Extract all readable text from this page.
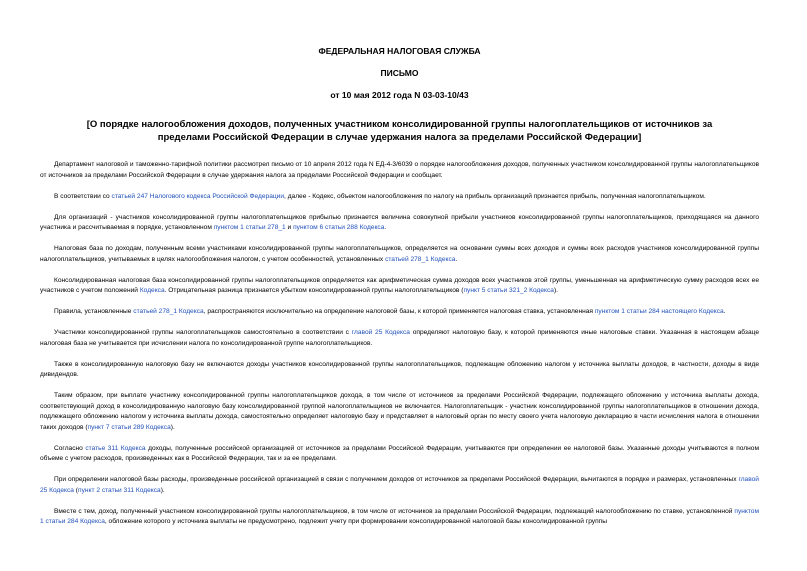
ФЕДЕРАЛЬНАЯ НАЛОГОВАЯ СЛУЖБА
ПИСЬМО
от 10 мая 2012 года N 03-03-10/43
[О порядке налогообложения доходов, полученных участником консолидированной группы налогоплательщиков от источников за пределами Российской Федерации в случае удержания налога за пределами Российской Федерации]

Департамент налоговой и таможенно-тарифной политики рассмотрел письмо от 10 апреля 2012 года N ЕД-4-3/6039 о порядке налогообложения доходов, полученных участником консолидированной группы налогоплательщиков от источников за пределами Российской Федерации в случае удержания налога за пределами Российской Федерации и сообщает.

В соответствии со статьей 247 Налогового кодекса Российской Федерации, далее - Кодекс, объектом налогообложения по налогу на прибыль организаций признается прибыль, полученная налогоплательщиком.

Для организаций - участников консолидированной группы налогоплательщиков прибылью признается величина совокупной прибыли участников консолидированной группы налогоплательщиков, приходящаяся на данного участника и рассчитываемая в порядке, установленном пунктом 1 статьи 278_1 и пунктом 6 статьи 288 Кодекса.

Налоговая база по доходам, полученным всеми участниками консолидированной группы налогоплательщиков, определяется на основании суммы всех доходов и суммы всех расходов участников консолидированной группы налогоплательщиков, учитываемых в целях налогообложения налогом, с учетом особенностей, установленных статьей 278_1 Кодекса.

Консолидированная налоговая база консолидированной группы налогоплательщиков определяется как арифметическая сумма доходов всех участников этой группы, уменьшенная на арифметическую сумму расходов всех ее участников с учетом положений Кодекса. Отрицательная разница признается убытком консолидированной группы налогоплательщиков (пункт 5 статьи 321_2 Кодекса).

Правила, установленные статьей 278_1 Кодекса, распространяются исключительно на определение налоговой базы, к которой применяется налоговая ставка, установленная пунктом 1 статьи 284 настоящего Кодекса.

Участники консолидированной группы налогоплательщиков самостоятельно в соответствии с главой 25 Кодекса определяют налоговую базу, к которой применяются иные налоговые ставки. Указанная в настоящем абзаце налоговая база не учитывается при исчислении налога по консолидированной группе налогоплательщиков.

Также в консолидированную налоговую базу не включаются доходы участников консолидированной группы налогоплательщиков, подлежащие обложению налогом у источника выплаты доходов, в частности, доходы в виде дивидендов.

Таким образом, при выплате участнику консолидированной группы налогоплательщиков дохода, в том числе от источников за пределами Российской Федерации, подлежащего обложению у источника выплаты дохода, соответствующий доход в консолидированную налоговую базу консолидированной группой налогоплательщиков не включается. Налогоплательщик - участник консолидированной группы налогоплательщиков в отношении дохода, подлежащего обложению налогом у источника выплаты дохода, самостоятельно определяет налоговую базу и представляет в налоговый орган по месту своего учета налоговую декларацию в части исчисления налога в отношении таких доходов (пункт 7 статьи 289 Кодекса).

Согласно статье 311 Кодекса доходы, полученные российской организацией от источников за пределами Российской Федерации, учитываются при определении ее налоговой базы. Указанные доходы учитываются в полном объеме с учетом расходов, произведенных как в Российской Федерации, так и за ее пределами.

При определении налоговой базы расходы, произведенные российской организацией в связи с получением доходов от источников за пределами Российской Федерации, вычитаются в порядке и размерах, установленных главой 25 Кодекса (пункт 2 статьи 311 Кодекса).

Вместе с тем, доход, полученный участником консолидированной группы налогоплательщиков, в том числе от источников за пределами Российской Федерации, подлежащий налогообложению по ставке, установленной пунктом 1 статьи 284 Кодекса, обложение которого у источника выплаты не предусмотрено, подлежит учету при формировании консолидированной налоговой базы консолидированной группы
